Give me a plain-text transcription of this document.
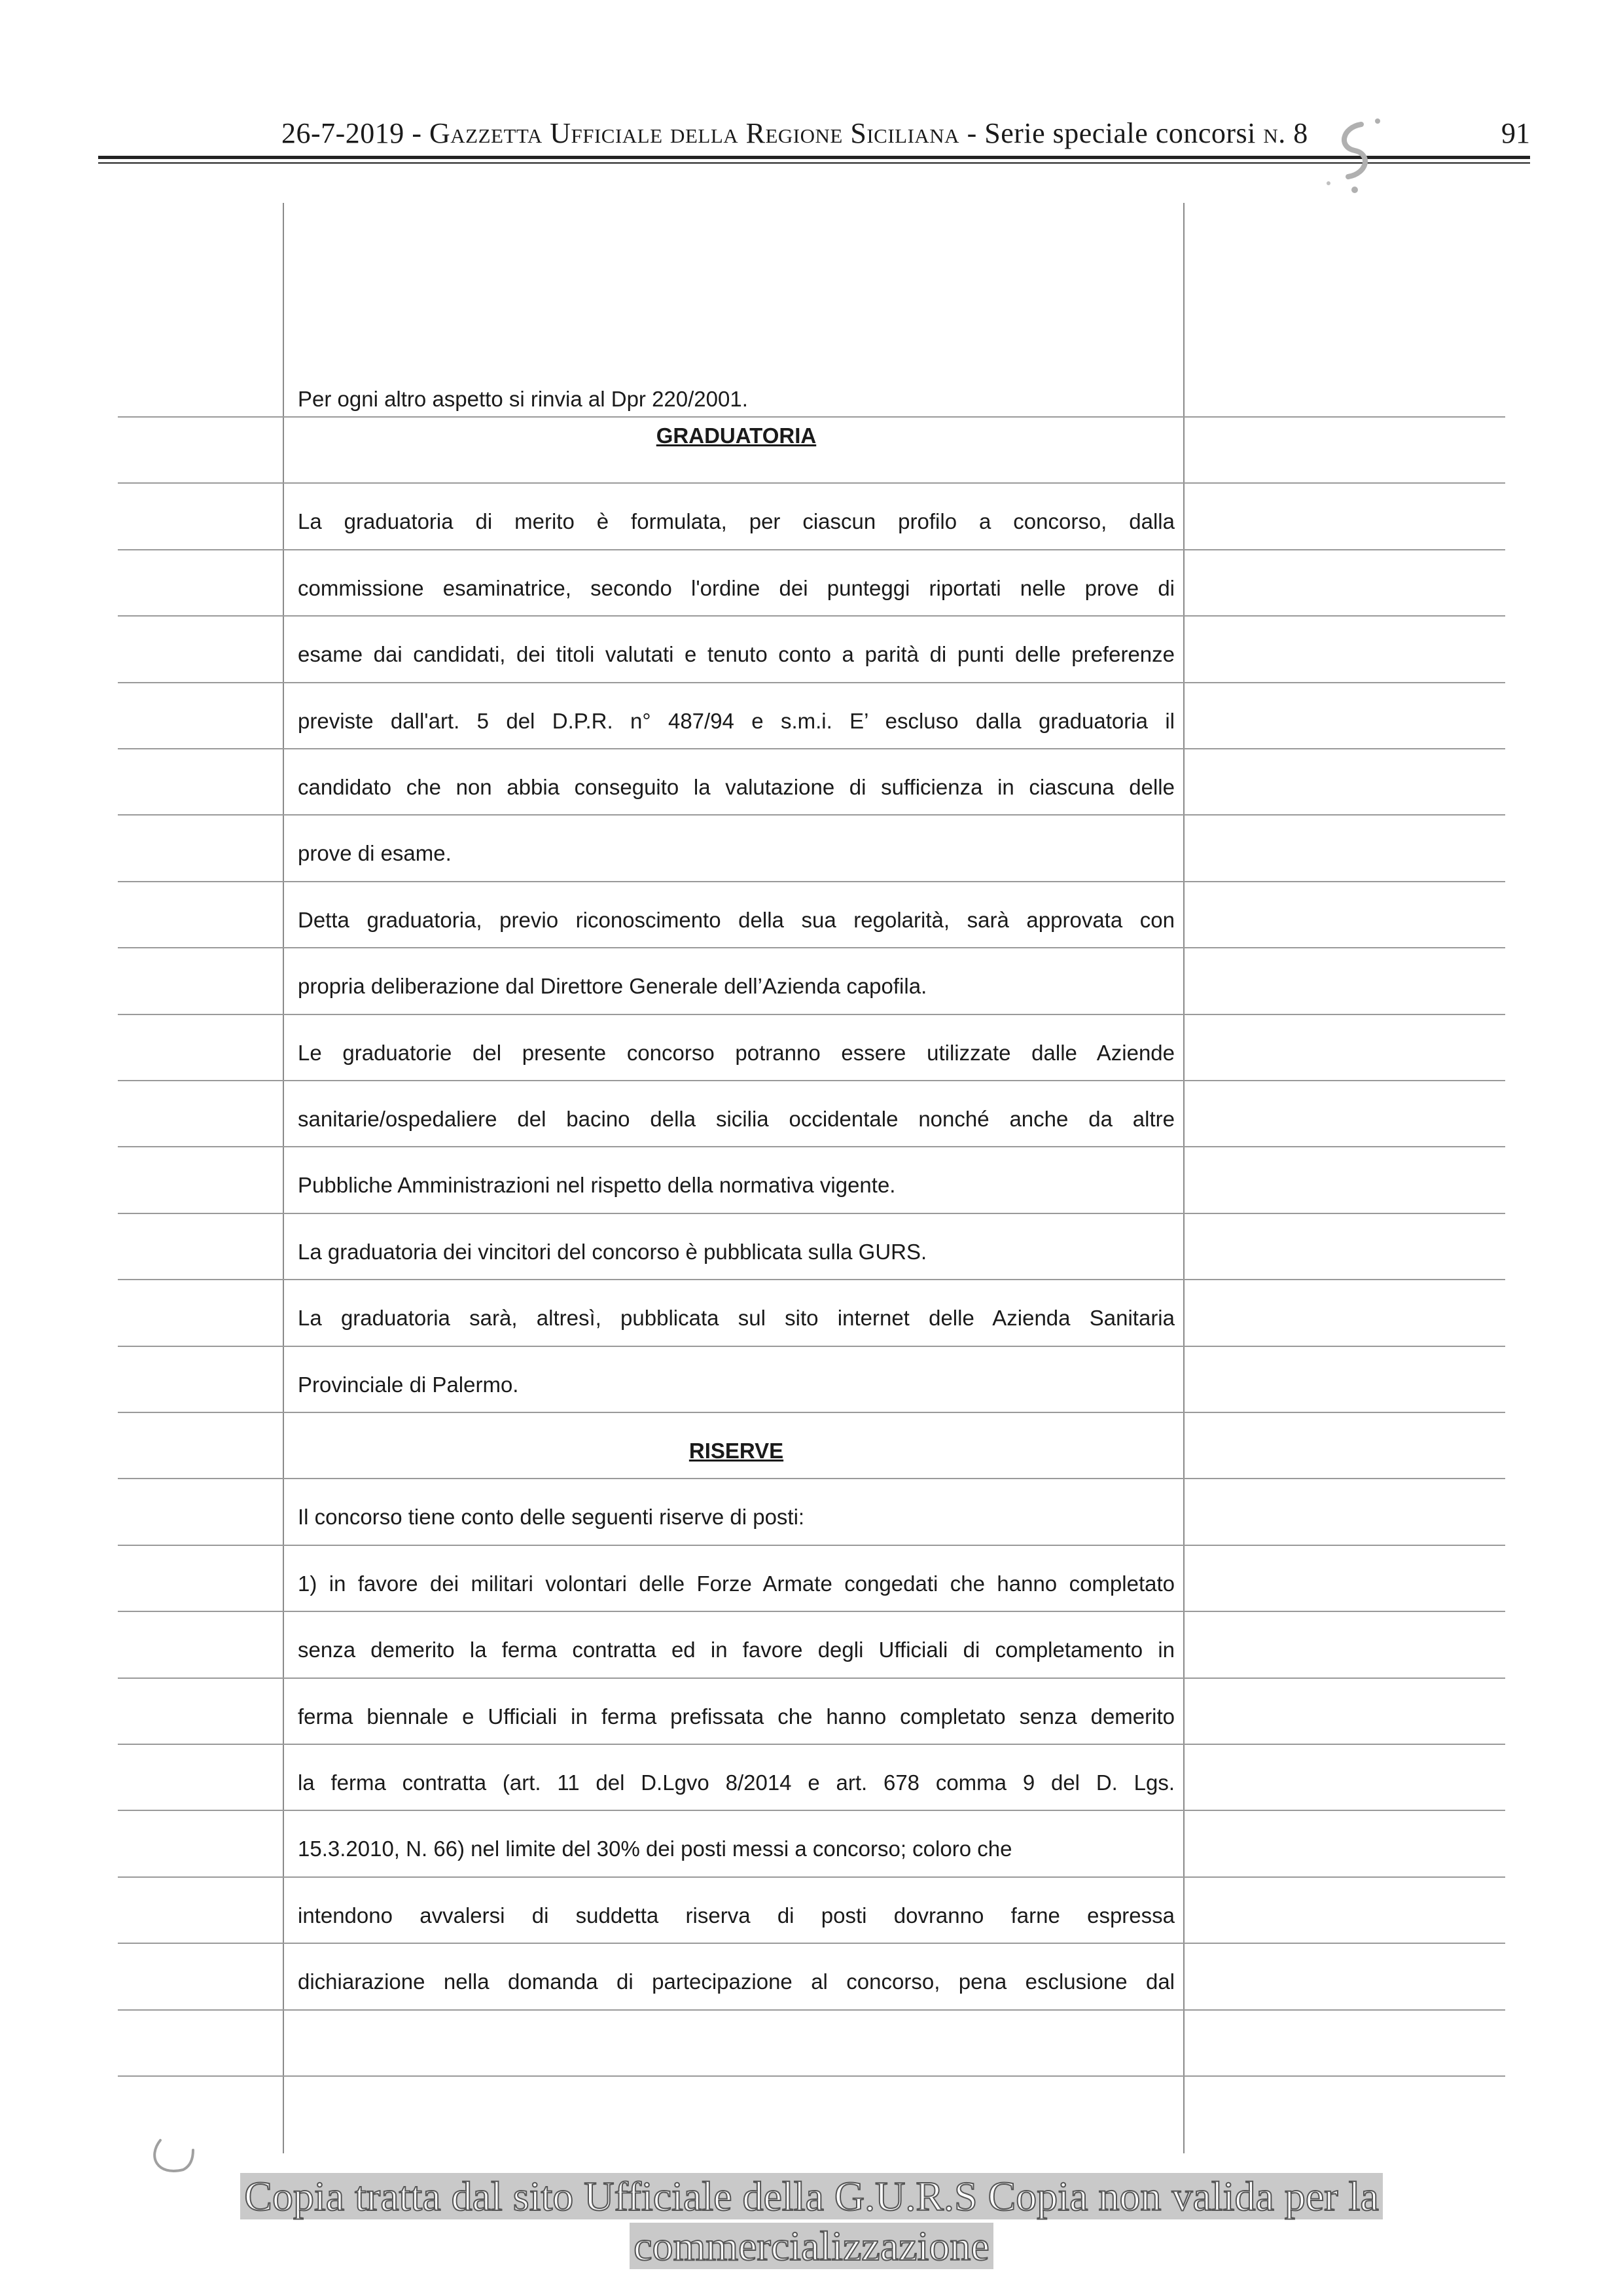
26-7-2019 - Gazzetta Ufficiale della Regione Siciliana - Serie speciale concorsi n. 8	91
Per ogni altro aspetto si rinvia al Dpr 220/2001.
GRADUATORIA
La graduatoria di merito è formulata, per ciascun profilo a concorso, dalla
commissione esaminatrice, secondo l'ordine dei punteggi riportati nelle prove di
esame dai candidati, dei titoli valutati e tenuto conto a parità di punti delle preferenze
previste dall'art. 5 del D.P.R. n° 487/94 e s.m.i. E’ escluso dalla graduatoria il
candidato che non abbia conseguito la valutazione di sufficienza in ciascuna delle
prove di esame.
Detta graduatoria, previo riconoscimento della sua regolarità, sarà approvata con
propria deliberazione dal Direttore Generale dell’Azienda capofila.
Le graduatorie del presente concorso potranno essere utilizzate dalle Aziende
sanitarie/ospedaliere del bacino della sicilia occidentale nonché anche da altre
Pubbliche Amministrazioni nel rispetto della normativa vigente.
La graduatoria dei vincitori del concorso è pubblicata sulla GURS.
La graduatoria sarà, altresì, pubblicata sul sito internet delle Azienda Sanitaria
Provinciale di Palermo.
RISERVE
Il concorso tiene conto delle seguenti riserve di posti:
1) in favore dei militari volontari delle Forze Armate congedati che hanno completato
senza demerito la ferma contratta ed in favore degli Ufficiali di completamento in
ferma biennale e Ufficiali in ferma prefissata che hanno completato senza demerito
la ferma contratta (art. 11 del D.Lgvo 8/2014 e art. 678 comma 9 del D. Lgs.
15.3.2010, N. 66) nel limite del 30% dei posti messi a concorso; coloro che
intendono avvalersi di suddetta riserva di posti dovranno farne espressa
dichiarazione nella domanda di partecipazione al concorso, pena esclusione dal
Copia tratta dal sito Ufficiale della G.U.R.S Copia non valida per la
commercializzazione
